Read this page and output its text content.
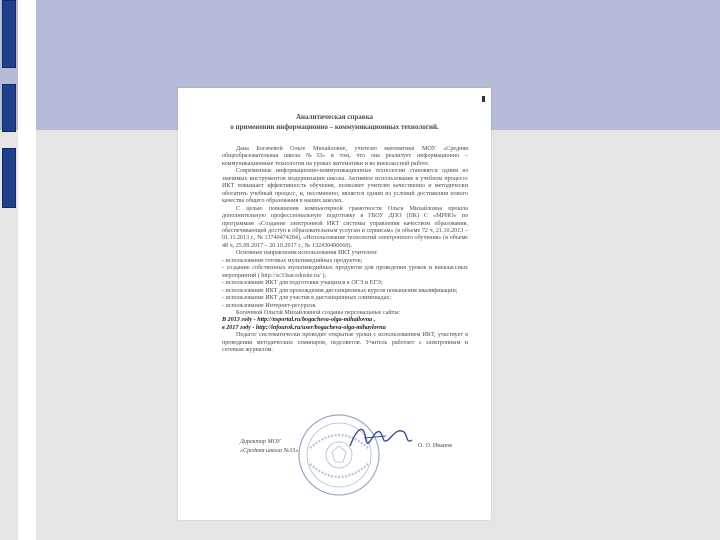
Аналитическая справка
о применении информационно – коммуникационных технологий.

Дана Богачевой Ольге Михайловне, учителю математики МОУ «Средняя общеобразовательная школа №33» в том, что она реализует информационно – коммуникационные технологии на уроках математики и во внеклассной работе.

Современные информационно-коммуникационные технологии становятся одним из значимых инструментов модернизации школы. Активное использование в учебном процессе ИКТ повышает эффективность обучения, позволяет учителю качественно и методически обогатить учебный процесс, и, несомненно, является одним из условий достижения нового качества общего образования в наших школах.

С целью повышения компьютерной грамотности Ольга Михайловна прошла дополнительную профессиональную подготовку в ГБОУ ДПО (ПК) С «МРИО» по программам «Создание электронной ИКТ системы управления качеством образования, обеспечивающей доступ к образовательным услугам и сервисам» (в объеме 72 ч, 21.10.2013 – 01.11.2013 г., № 13740474284), «Использование технологий электронного обучения» (в объеме 48 ч, 25.09.2017 – 20.10.2017 г., № 132430490669).

Основные направления использования ИКТ учителем:

- использование готовых мультимедийных продуктов;

- создание собственных мультимедийных продуктов для проведения уроков и внеклассных мероприятий ( http://sc33sar.edusite.ru/ );

- использование ИКТ для подготовки учащихся к ОГЭ и ЕГЭ;

- использование ИКТ для прохождения дистанционных курсов повышения квалификации;

- использование ИКТ для участия в дистанционных олимпиадах;

- использование Интернет-ресурсов.

Богачевой Ольгой Михайловной созданы персональные сайты:

В 2013 году - http://nsportal.ru/bogacheva-olga-mihailovna ,

в 2017 году - http://infourok.ru/user/bogacheva-olga-mihaylovna

Педагог систематически проводит открытые уроки с использованием ИКТ, участвует в проведении методических семинаров, педсоветов. Учитель работает с электронным и сетевым журналом.

Директор МОУ
«Средняя школа №33»
О. О. Иванов
